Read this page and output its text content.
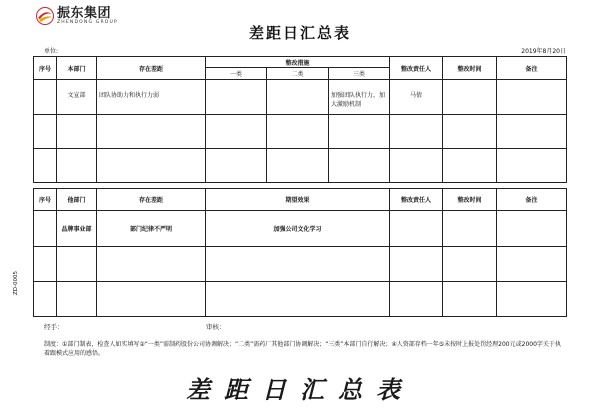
振东集团
ZHENDONG GROUP
差距日汇总表
单位:	2019年8月20日
序号	本部门	存在差距	整改措施			整改责任人	整改时间	备注
			一类	二类	三类			
	文宣部	团队协助力和执行力弱			加强团队执行力，加大激励机制	马倩		

序号	他部门	存在差距	期望效果	整改责任人	整改时间	备注
	品牌事业部	部门纪律不严明	加强公司文化学习			

ZD-0005
经手：	审核：
制度：①部门制表，检查人如实填写②“一类”需制药股份公司协调解决；“二类”需药厂其他部门协调解决；“三类”本部门自行解决；④人资部存档一年⑤未按时上报处罚经理200元或2000字关于执着跟模式应用的感悟。
差距日汇总表
